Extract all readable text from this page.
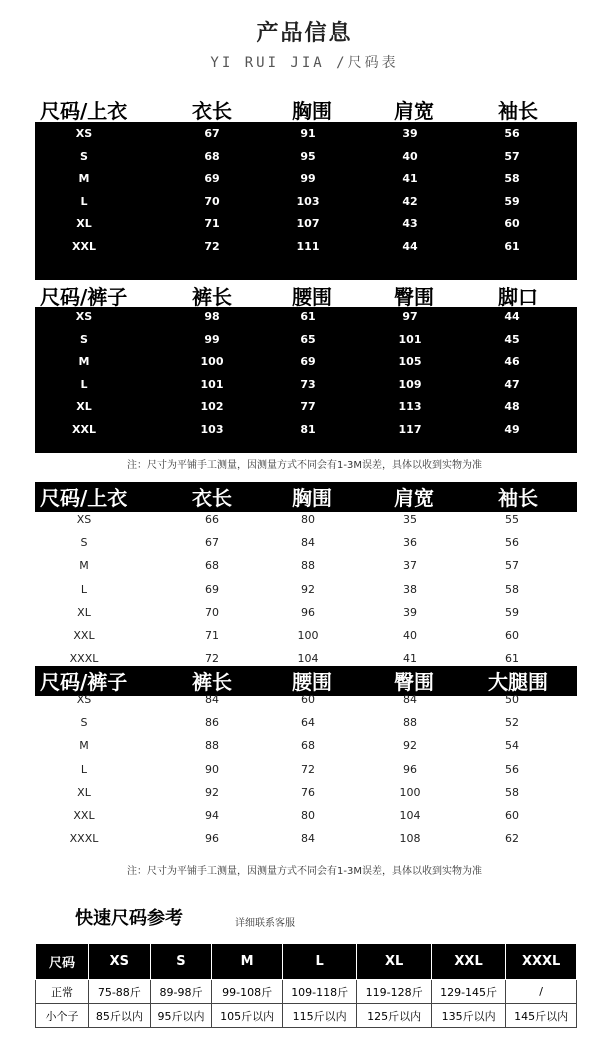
产品信息
YI RUI JIA /尺码表
尺码/上衣	衣长	胸围	肩宽	袖长
XS	67	91	39	56
S	68	95	40	57
M	69	99	41	58
L	70	103	42	59
XL	71	107	43	60
XXL	72	111	44	61
尺码/裤子	裤长	腰围	臀围	脚口
XS	98	61	97	44
S	99	65	101	45
M	100	69	105	46
L	101	73	109	47
XL	102	77	113	48
XXL	103	81	117	49
尺码/上衣	衣长	胸围	肩宽	袖长
XS	66	80	35	55
S	67	84	36	56
M	68	88	37	57
L	69	92	38	58
XL	70	96	39	59
XXL	71	100	40	60
XXXL	72	104	41	61
尺码/裤子	裤长	腰围	臀围	大腿围
XS	84	60	84	50
S	86	64	88	52
M	88	68	92	54
L	90	72	96	56
XL	92	76	100	58
XXL	94	80	104	60
XXXL	96	84	108	62
注：尺寸为平铺手工测量，因测量方式不同会有1-3M误差，具体以收到实物为准
注：尺寸为平铺手工测量，因测量方式不同会有1-3M误差，具体以收到实物为准
快速尺码参考	详细联系客服
尺码	XS	S	M	L	XL	XXL	XXXL
正常	75-88斤	89-98斤	99-108斤	109-118斤	119-128斤	129-145斤	/
小个子	85斤以内	95斤以内	105斤以内	115斤以内	125斤以内	135斤以内	145斤以内
